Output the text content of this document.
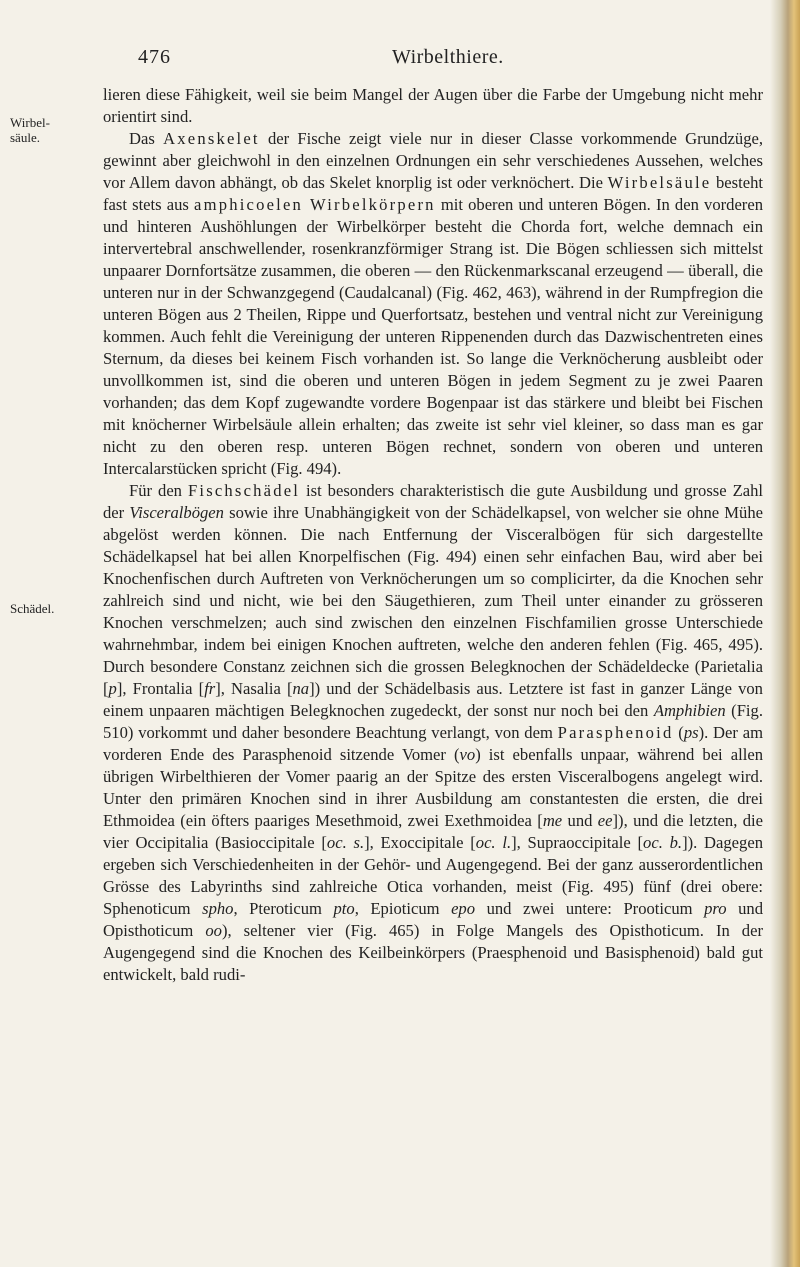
476	Wirbelthiere.
Wirbel-
säule.
Schädel.

lieren diese Fähigkeit, weil sie beim Mangel der Augen über die Farbe der Umgebung nicht mehr orientirt sind.

Das Axenskelet der Fische zeigt viele nur in dieser Classe vorkommende Grundzüge, gewinnt aber gleichwohl in den einzelnen Ordnungen ein sehr verschiedenes Aussehen, welches vor Allem davon abhängt, ob das Skelet knorplig ist oder verknöchert. Die Wirbelsäule besteht fast stets aus amphicoelen Wirbelkörpern mit oberen und unteren Bögen. In den vorderen und hinteren Aushöhlungen der Wirbelkörper besteht die Chorda fort, welche demnach ein intervertebral anschwellender, rosenkranzförmiger Strang ist. Die Bögen schliessen sich mittelst unpaarer Dornfortsätze zusammen, die oberen — den Rückenmarkscanal erzeugend — überall, die unteren nur in der Schwanzgegend (Caudalcanal) (Fig. 462, 463), während in der Rumpfregion die unteren Bögen aus 2 Theilen, Rippe und Querfortsatz, bestehen und ventral nicht zur Vereinigung kommen. Auch fehlt die Vereinigung der unteren Rippenenden durch das Dazwischentreten eines Sternum, da dieses bei keinem Fisch vorhanden ist. So lange die Verknöcherung ausbleibt oder unvollkommen ist, sind die oberen und unteren Bögen in jedem Segment zu je zwei Paaren vorhanden; das dem Kopf zugewandte vordere Bogenpaar ist das stärkere und bleibt bei Fischen mit knöcherner Wirbelsäule allein erhalten; das zweite ist sehr viel kleiner, so dass man es gar nicht zu den oberen resp. unteren Bögen rechnet, sondern von oberen und unteren Intercalarstücken spricht (Fig. 494).

Für den Fischschädel ist besonders charakteristisch die gute Ausbildung und grosse Zahl der Visceralbögen sowie ihre Unabhängigkeit von der Schädelkapsel, von welcher sie ohne Mühe abgelöst werden können. Die nach Entfernung der Visceralbögen für sich dargestellte Schädelkapsel hat bei allen Knorpelfischen (Fig. 494) einen sehr einfachen Bau, wird aber bei Knochenfischen durch Auftreten von Verknöcherungen um so complicirter, da die Knochen sehr zahlreich sind und nicht, wie bei den Säugethieren, zum Theil unter einander zu grösseren Knochen verschmelzen; auch sind zwischen den einzelnen Fischfamilien grosse Unterschiede wahrnehmbar, indem bei einigen Knochen auftreten, welche den anderen fehlen (Fig. 465, 495). Durch besondere Constanz zeichnen sich die grossen Belegknochen der Schädeldecke (Parietalia [p], Frontalia [fr], Nasalia [na]) und der Schädelbasis aus. Letztere ist fast in ganzer Länge von einem unpaaren mächtigen Belegknochen zugedeckt, der sonst nur noch bei den Amphibien (Fig. 510) vorkommt und daher besondere Beachtung verlangt, von dem Parasphenoid (ps). Der am vorderen Ende des Parasphenoid sitzende Vomer (vo) ist ebenfalls unpaar, während bei allen übrigen Wirbelthieren der Vomer paarig an der Spitze des ersten Visceralbogens angelegt wird. Unter den primären Knochen sind in ihrer Ausbildung am constantesten die ersten, die drei Ethmoidea (ein öfters paariges Mesethmoid, zwei Exethmoidea [me und ee]), und die letzten, die vier Occipitalia (Basioccipitale [oc. s.], Exoccipitale [oc. l.], Supraoccipitale [oc. b.]). Dagegen ergeben sich Verschiedenheiten in der Gehör- und Augengegend. Bei der ganz ausserordentlichen Grösse des Labyrinths sind zahlreiche Otica vorhanden, meist (Fig. 495) fünf (drei obere: Sphenoticum spho, Pteroticum pto, Epioticum epo und zwei untere: Prooticum pro und Opisthoticum oo), seltener vier (Fig. 465) in Folge Mangels des Opisthoticum. In der Augengegend sind die Knochen des Keilbeinkörpers (Praesphenoid und Basisphenoid) bald gut entwickelt, bald rudi-
